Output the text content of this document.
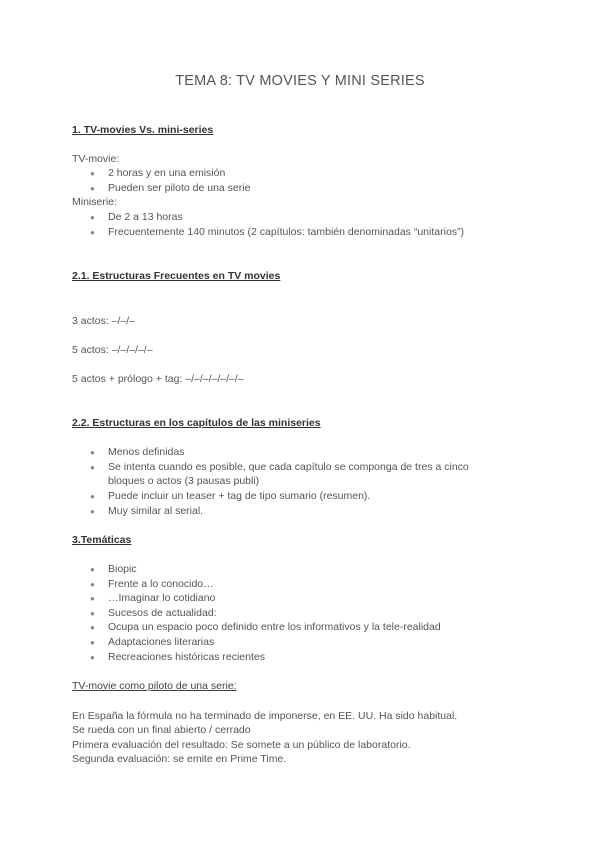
TEMA 8: TV MOVIES Y MINI SERIES
1. TV-movies Vs. mini-series
TV-movie:
● 2 horas y en una emisión
● Pueden ser piloto de una serie
Miniserie:
● De 2 a 13 horas
● Frecuentemente 140 minutos (2 capítulos: también denominadas “unitarios”)
2.1. Estructuras Frecuentes en TV movies
3 actos: –/–/–
5 actos: –/–/–/–/–
5 actos + prólogo + tag: –/–/–/–/–/–/–
2.2. Estructuras en los capítulos de las miniseries
● Menos definidas
● Se intenta cuando es posible, que cada capítulo se componga de tres a cinco
bloques o actos (3 pausas publi)
● Puede incluir un teaser + tag de tipo sumario (resumen).
● Muy similar al serial.
3.Temáticas
● Biopic
● Frente a lo conocido…
● …Imaginar lo cotidiano
● Sucesos de actualidad:
● Ocupa un espacio poco definido entre los informativos y la tele-realidad
● Adaptaciones literarias
● Recreaciones históricas recientes
TV-movie como piloto de una serie:
En España la fórmula no ha terminado de imponerse, en EE. UU. Ha sido habitual.
Se rueda con un final abierto / cerrado
Primera evaluación del resultado: Se somete a un público de laboratorio.
Segunda evaluación: se emite en Prime Time.
